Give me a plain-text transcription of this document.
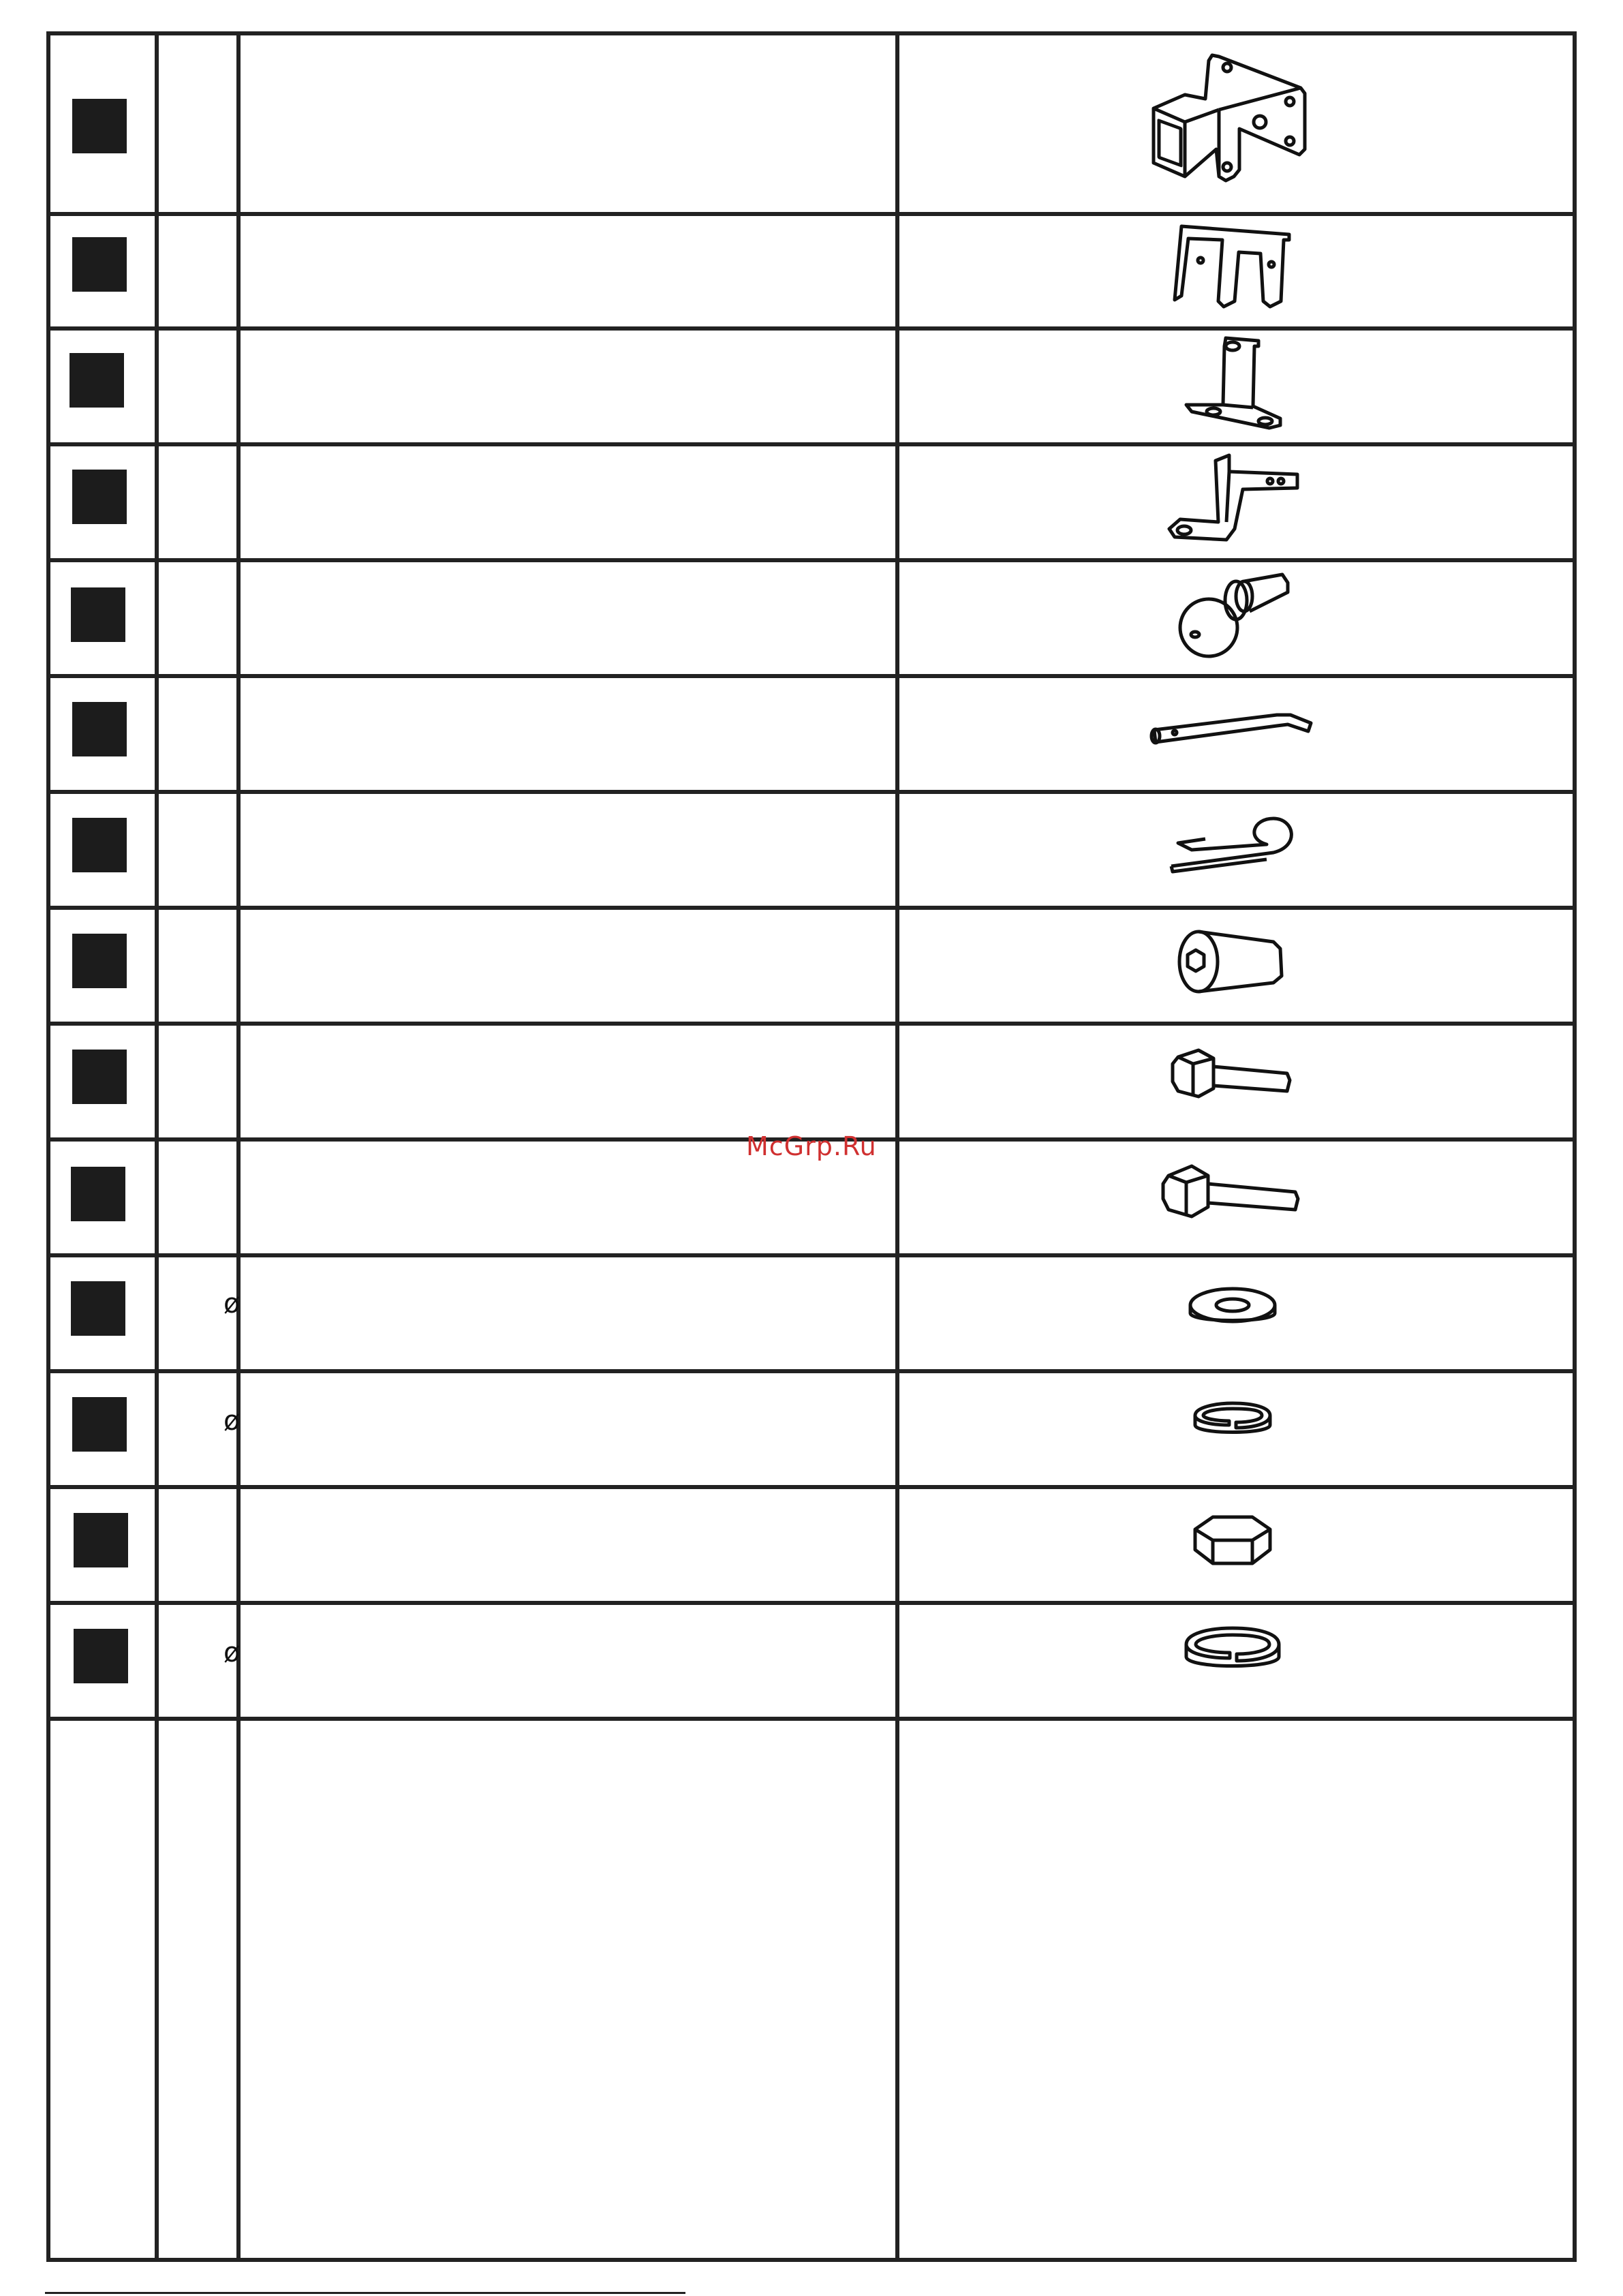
ø
ø
ø
McGrp.Ru
